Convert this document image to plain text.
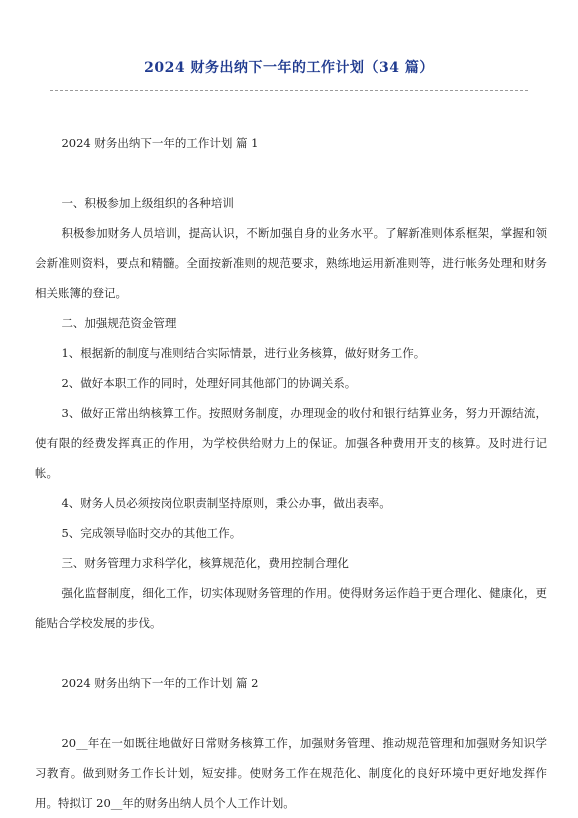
2024 财务出纳下一年的工作计划（34 篇）

2024 财务出纳下一年的工作计划 篇 1

一、积极参加上级组织的各种培训

积极参加财务人员培训，提高认识，不断加强自身的业务水平。了解新准则体系框架，掌握和领会新准则资料，要点和精髓。全面按新准则的规范要求，熟练地运用新准则等，进行帐务处理和财务相关账簿的登记。

二、加强规范资金管理

1、根据新的制度与准则结合实际情景，进行业务核算，做好财务工作。

2、做好本职工作的同时，处理好同其他部门的协调关系。

3、做好正常出纳核算工作。按照财务制度，办理现金的收付和银行结算业务，努力开源结流，使有限的经费发挥真正的作用，为学校供给财力上的保证。加强各种费用开支的核算。及时进行记帐。

4、财务人员必须按岗位职责制坚持原则，秉公办事，做出表率。

5、完成领导临时交办的其他工作。

三、财务管理力求科学化，核算规范化，费用控制合理化

强化监督制度，细化工作，切实体现财务管理的作用。使得财务运作趋于更合理化、健康化，更能贴合学校发展的步伐。

2024 财务出纳下一年的工作计划 篇 2

20__年在一如既往地做好日常财务核算工作，加强财务管理、推动规范管理和加强财务知识学习教育。做到财务工作长计划，短安排。使财务工作在规范化、制度化的良好环境中更好地发挥作用。特拟订 20__年的财务出纳人员个人工作计划。
